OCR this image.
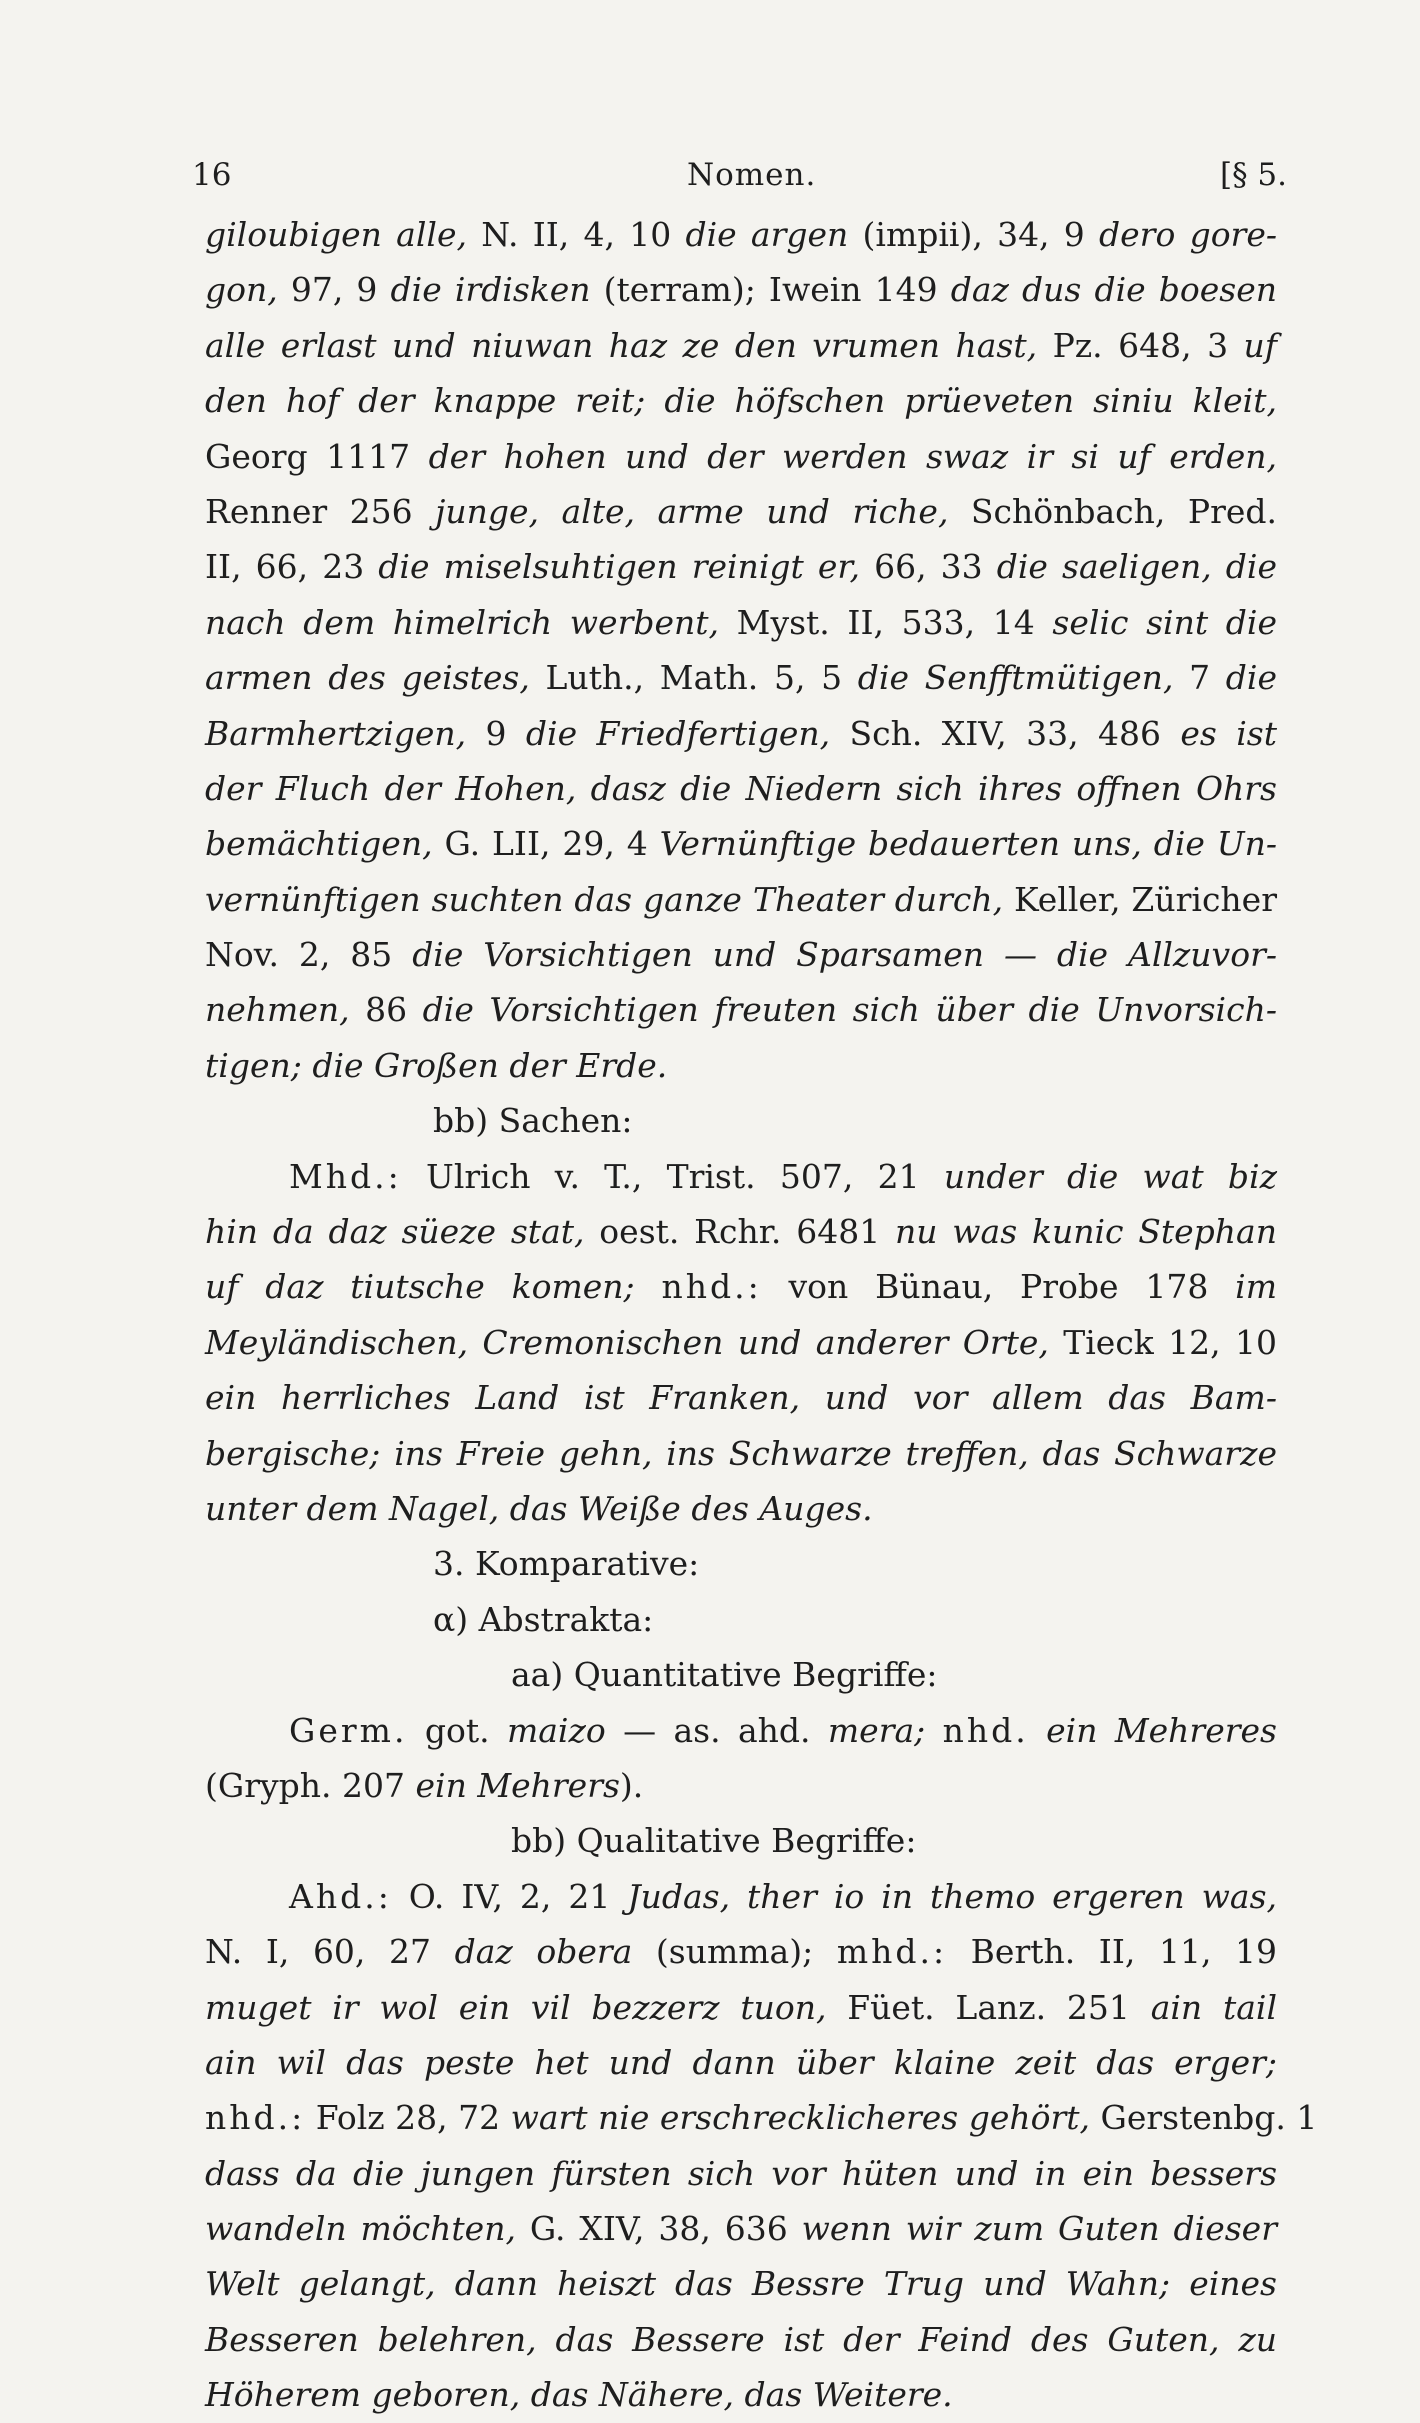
16	Nomen.	[§ 5.
giloubigen alle, N. II, 4, 10 die argen (impii), 34, 9 dero gore-
gon, 97, 9 die irdisken (terram); Iwein 149 daz dus die boesen
alle erlast und niuwan haz ze den vrumen hast, Pz. 648, 3 uf
den hof der knappe reit; die höfschen prüeveten siniu kleit,
Georg 1117 der hohen und der werden swaz ir si uf erden,
Renner 256 junge, alte, arme und riche, Schönbach, Pred.
II, 66, 23 die miselsuhtigen reinigt er, 66, 33 die saeligen, die
nach dem himelrich werbent, Myst. II, 533, 14 selic sint die
armen des geistes, Luth., Math. 5, 5 die Senfftmütigen, 7 die
Barmhertzigen, 9 die Friedfertigen, Sch. XIV, 33, 486 es ist
der Fluch der Hohen, dasz die Niedern sich ihres offnen Ohrs
bemächtigen, G. LII, 29, 4 Vernünftige bedauerten uns, die Un-
vernünftigen suchten das ganze Theater durch, Keller, Züricher
Nov. 2, 85 die Vorsichtigen und Sparsamen — die Allzuvor-
nehmen, 86 die Vorsichtigen freuten sich über die Unvorsich-
tigen; die Großen der Erde.
bb) Sachen:
Mhd.: Ulrich v. T., Trist. 507, 21 under die wat biz
hin da daz süeze stat, oest. Rchr. 6481 nu was kunic Stephan
uf daz tiutsche komen; nhd.: von Bünau, Probe 178 im
Meyländischen, Cremonischen und anderer Orte, Tieck 12, 10
ein herrliches Land ist Franken, und vor allem das Bam-
bergische; ins Freie gehn, ins Schwarze treffen, das Schwarze
unter dem Nagel, das Weiße des Auges.
3. Komparative:
α) Abstrakta:
aa) Quantitative Begriffe:
Germ. got. maizo — as. ahd. mera; nhd. ein Mehreres
(Gryph. 207 ein Mehrers).
bb) Qualitative Begriffe:
Ahd.: O. IV, 2, 21 Judas, ther io in themo ergeren was,
N. I, 60, 27 daz obera (summa); mhd.: Berth. II, 11, 19
muget ir wol ein vil bezzerz tuon, Füet. Lanz. 251 ain tail
ain wil das peste het und dann über klaine zeit das erger;
nhd.: Folz 28, 72 wart nie erschrecklicheres gehört, Gerstenbg. 1
dass da die jungen fürsten sich vor hüten und in ein bessers
wandeln möchten, G. XIV, 38, 636 wenn wir zum Guten dieser
Welt gelangt, dann heiszt das Bessre Trug und Wahn; eines
Besseren belehren, das Bessere ist der Feind des Guten, zu
Höherem geboren, das Nähere, das Weitere.
